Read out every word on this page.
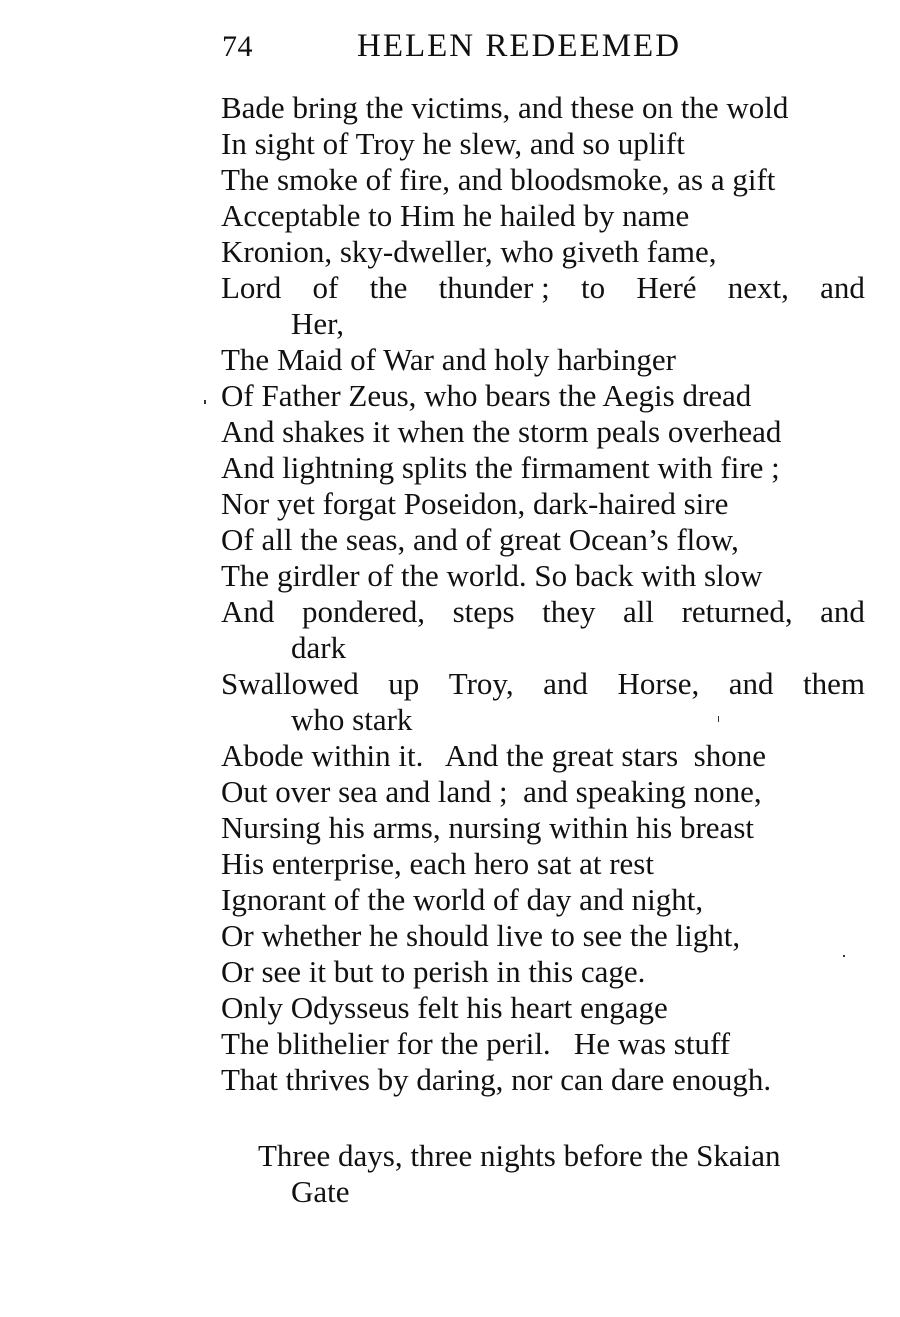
74	HELEN REDEEMED
Bade bring the victims, and these on the wold
In sight of Troy he slew, and so uplift
The smoke of fire, and bloodsmoke, as a gift
Acceptable to Him he hailed by name
Kronion, sky-dweller, who giveth fame,
Lord of the thunder ; to Heré next, and
Her,
The Maid of War and holy harbinger
Of Father Zeus, who bears the Aegis dread
And shakes it when the storm peals overhead
And lightning splits the firmament with fire ;
Nor yet forgat Poseidon, dark-haired sire
Of all the seas, and of great Ocean’s flow,
The girdler of the world. So back with slow
And pondered, steps they all returned, and
dark
Swallowed up Troy, and Horse, and them
who stark
Abode within it.   And the great stars  shone
Out over sea and land ;  and speaking none,
Nursing his arms, nursing within his breast
His enterprise, each hero sat at rest
Ignorant of the world of day and night,
Or whether he should live to see the light,
Or see it but to perish in this cage.
Only Odysseus felt his heart engage
The blithelier for the peril.   He was stuff
That thrives by daring, nor can dare enough.
Three days, three nights before the Skaian
Gate
